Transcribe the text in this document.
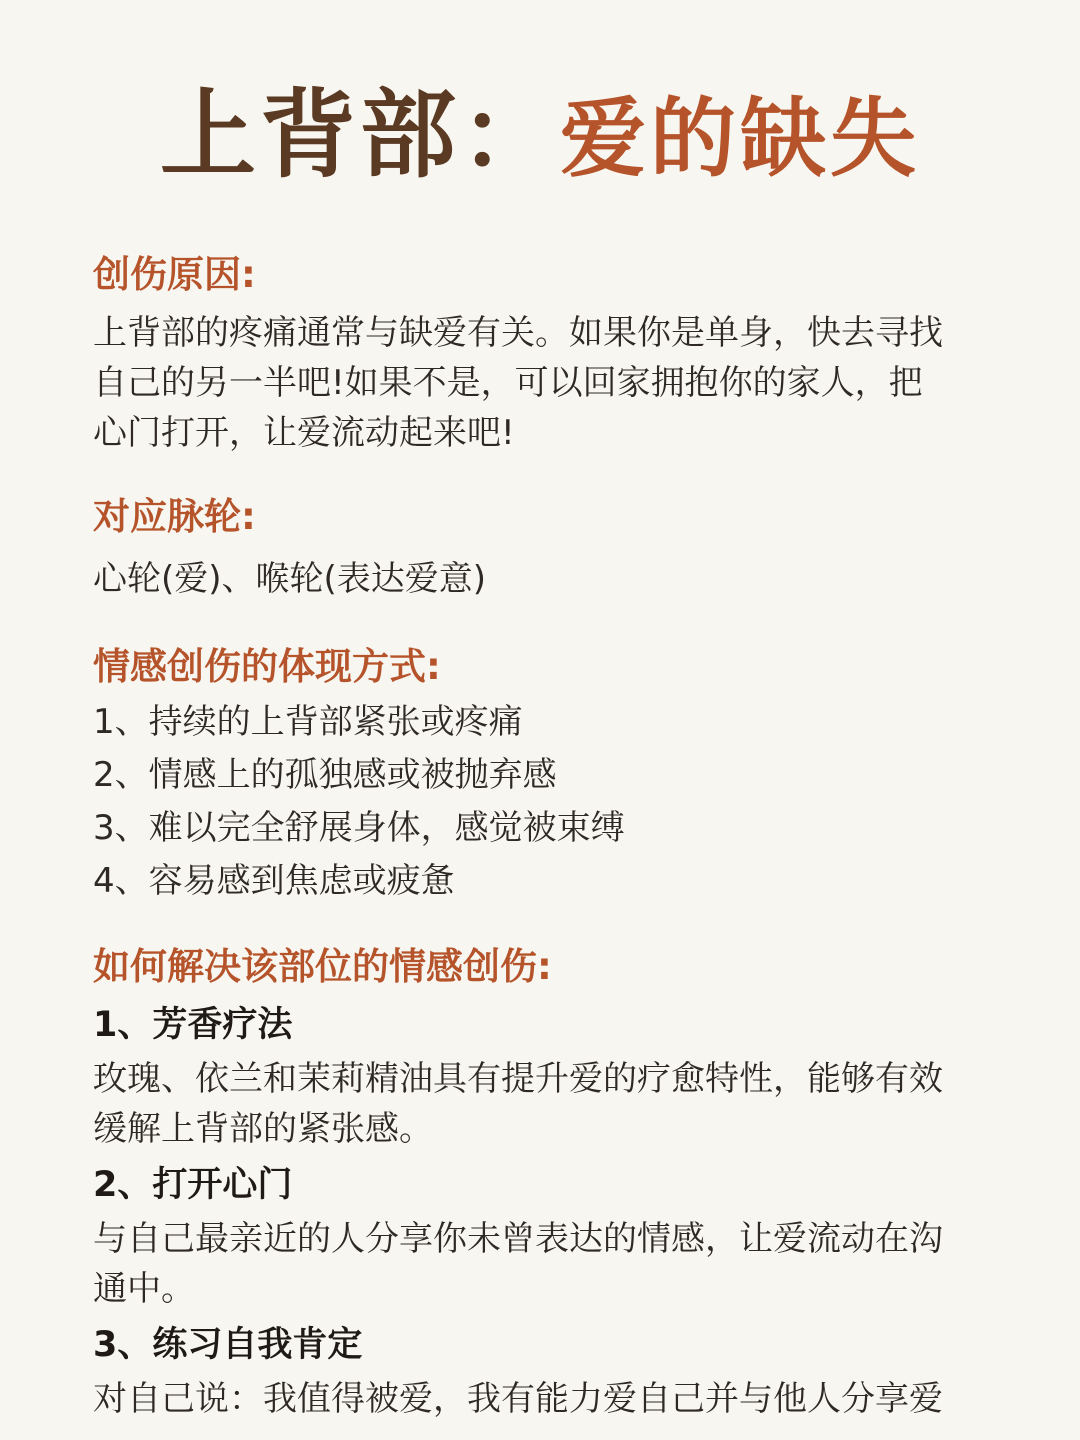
上背部：爱的缺失

创伤原因:

上背部的疼痛通常与缺爱有关。如果你是单身，快去寻找

自己的另一半吧!如果不是，可以回家拥抱你的家人，把

心门打开，让爱流动起来吧!

对应脉轮:

心轮(爱)、喉轮(表达爱意)

情感创伤的体现方式:

1、持续的上背部紧张或疼痛

2、情感上的孤独感或被抛弃感

3、难以完全舒展身体，感觉被束缚

4、容易感到焦虑或疲惫

如何解决该部位的情感创伤:

1、芳香疗法

玫瑰、依兰和茉莉精油具有提升爱的疗愈特性，能够有效

缓解上背部的紧张感。

2、打开心门

与自己最亲近的人分享你未曾表达的情感，让爱流动在沟

通中。

3、练习自我肯定

对自己说：我值得被爱，我有能力爱自己并与他人分享爱
